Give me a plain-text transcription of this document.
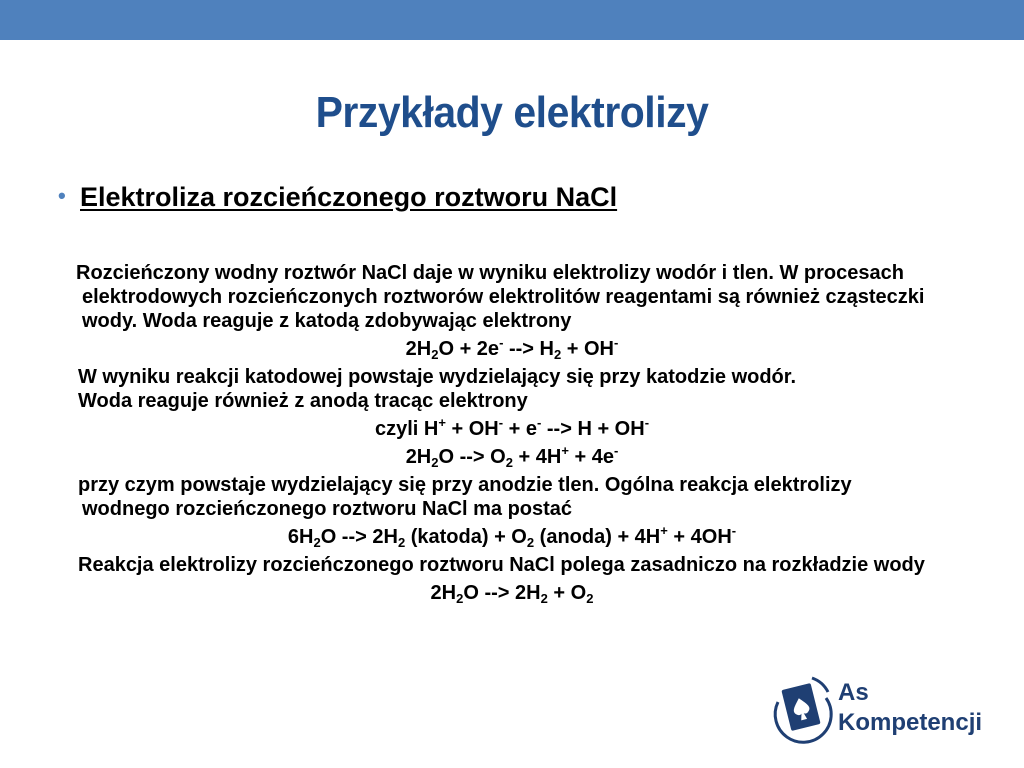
Przykłady elektrolizy
• Elektroliza rozcieńczonego roztworu NaCl
Rozcieńczony wodny roztwór NaCl daje w wyniku elektrolizy wodór i tlen. W procesach elektrodowych rozcieńczonych roztworów elektrolitów reagentami są również cząsteczki wody. Woda reaguje z katodą zdobywając elektrony
$2H_2O + 2e^-$ --> $H_2 + OH^-$
W wyniku reakcji katodowej powstaje wydzielający się przy katodzie wodór.
Woda reaguje również z anodą tracąc elektrony
czyli H+ + OH- + e- --> H + OH-
$2H_2O$ --> $O_2 + 4H^+ + 4e^-$
przy czym powstaje wydzielający się przy anodzie tlen. Ogólna reakcja elektrolizy wodnego rozcieńczonego roztworu NaCl ma postać
$6H_2O$ --> $2H_2$ (katoda) + $O_2$ (anoda) + 4H+ + 4OH-
Reakcja elektrolizy rozcieńczonego roztworu NaCl polega zasadniczo na rozkładzie wody
$2H_2O$ --> $2H_2 + O_2$
As
Kompetencji
